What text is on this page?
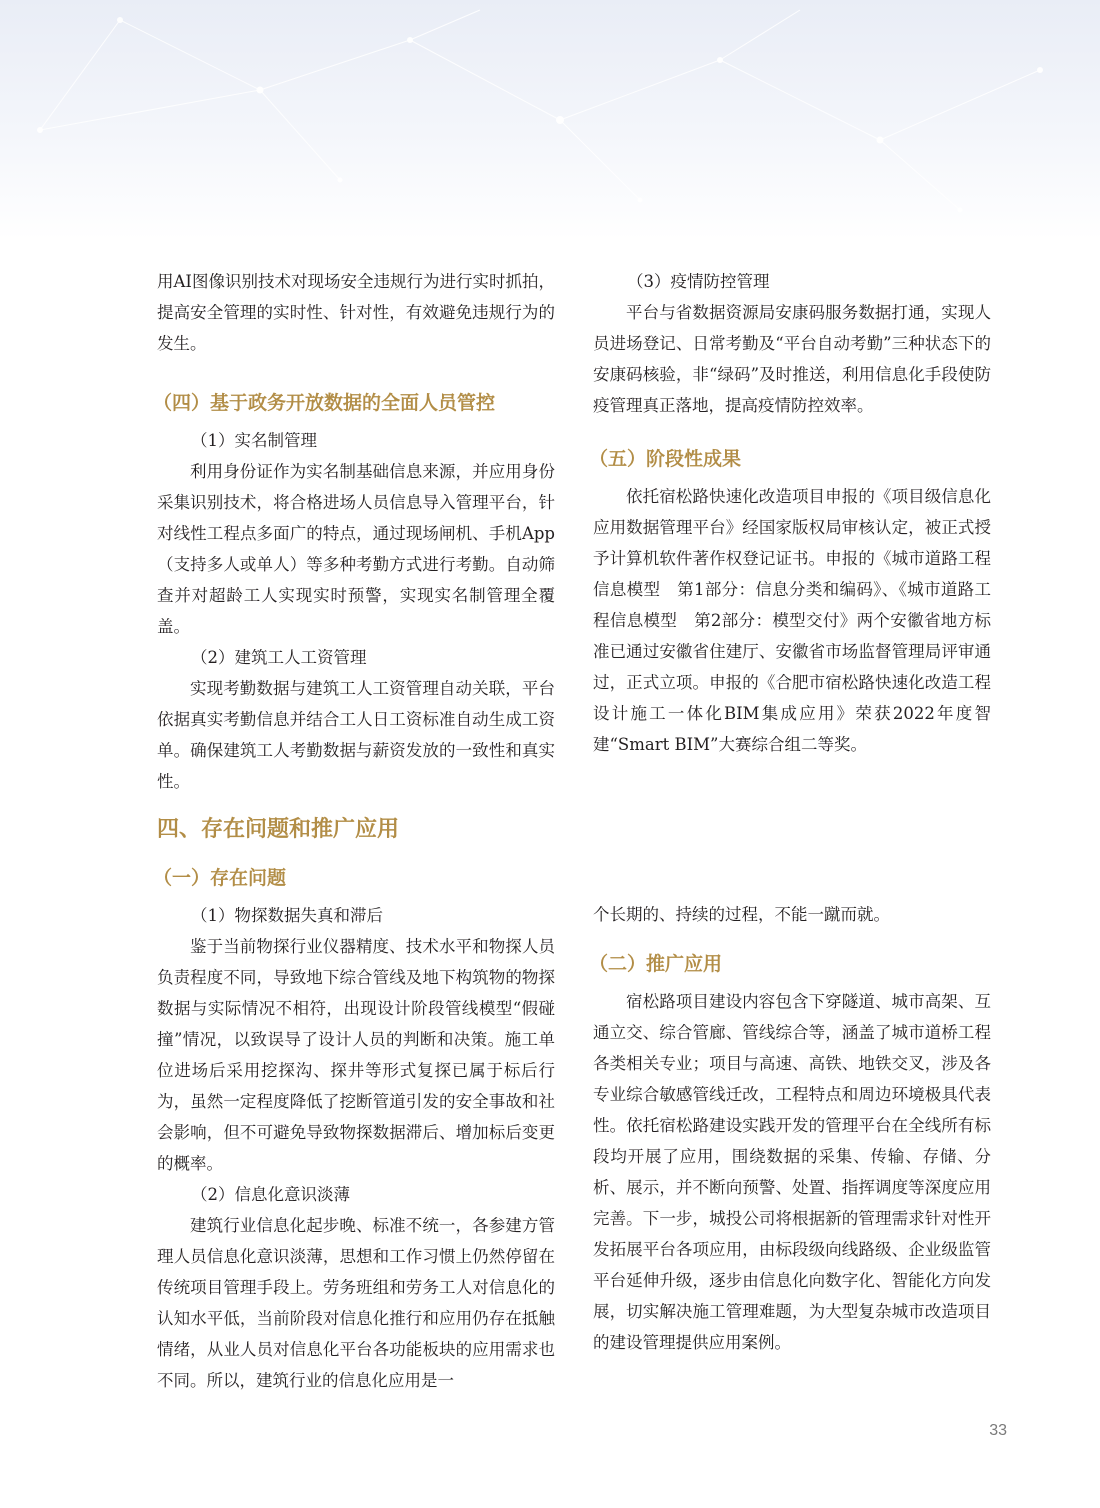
用AI图像识别技术对现场安全违规行为进行实时抓拍，提高安全管理的实时性、针对性，有效避免违规行为的发生。

（四）基于政务开放数据的全面人员管控

（1）实名制管理

利用身份证作为实名制基础信息来源，并应用身份采集识别技术，将合格进场人员信息导入管理平台，针对线性工程点多面广的特点，通过现场闸机、手机App（支持多人或单人）等多种考勤方式进行考勤。自动筛查并对超龄工人实现实时预警，实现实名制管理全覆盖。

（2）建筑工人工资管理

实现考勤数据与建筑工人工资管理自动关联，平台依据真实考勤信息并结合工人日工资标准自动生成工资单。确保建筑工人考勤数据与薪资发放的一致性和真实性。

（3）疫情防控管理

平台与省数据资源局安康码服务数据打通，实现人员进场登记、日常考勤及“平台自动考勤”三种状态下的安康码核验，非“绿码”及时推送，利用信息化手段使防疫管理真正落地，提高疫情防控效率。

（五）阶段性成果

依托宿松路快速化改造项目申报的《项目级信息化应用数据管理平台》经国家版权局审核认定，被正式授予计算机软件著作权登记证书。申报的《城市道路工程信息模型　第1部分：信息分类和编码》、《城市道路工程信息模型　第2部分：模型交付》两个安徽省地方标准已通过安徽省住建厅、安徽省市场监督管理局评审通过，正式立项。申报的《合肥市宿松路快速化改造工程设计施工一体化BIM集成应用》荣获2022年度智建“Smart BIM”大赛综合组二等奖。

四、存在问题和推广应用

（一）存在问题

（1）物探数据失真和滞后

鉴于当前物探行业仪器精度、技术水平和物探人员负责程度不同，导致地下综合管线及地下构筑物的物探数据与实际情况不相符，出现设计阶段管线模型“假碰撞”情况，以致误导了设计人员的判断和决策。施工单位进场后采用挖探沟、探井等形式复探已属于标后行为，虽然一定程度降低了挖断管道引发的安全事故和社会影响，但不可避免导致物探数据滞后、增加标后变更的概率。

（2）信息化意识淡薄

建筑行业信息化起步晚、标准不统一，各参建方管理人员信息化意识淡薄，思想和工作习惯上仍然停留在传统项目管理手段上。劳务班组和劳务工人对信息化的认知水平低，当前阶段对信息化推行和应用仍存在抵触情绪，从业人员对信息化平台各功能板块的应用需求也不同。所以，建筑行业的信息化应用是一

个长期的、持续的过程，不能一蹴而就。

（二）推广应用

宿松路项目建设内容包含下穿隧道、城市高架、互通立交、综合管廊、管线综合等，涵盖了城市道桥工程各类相关专业；项目与高速、高铁、地铁交叉，涉及各专业综合敏感管线迁改，工程特点和周边环境极具代表性。依托宿松路建设实践开发的管理平台在全线所有标段均开展了应用，围绕数据的采集、传输、存储、分析、展示，并不断向预警、处置、指挥调度等深度应用完善。下一步，城投公司将根据新的管理需求针对性开发拓展平台各项应用，由标段级向线路级、企业级监管平台延伸升级，逐步由信息化向数字化、智能化方向发展，切实解决施工管理难题，为大型复杂城市改造项目的建设管理提供应用案例。

33
